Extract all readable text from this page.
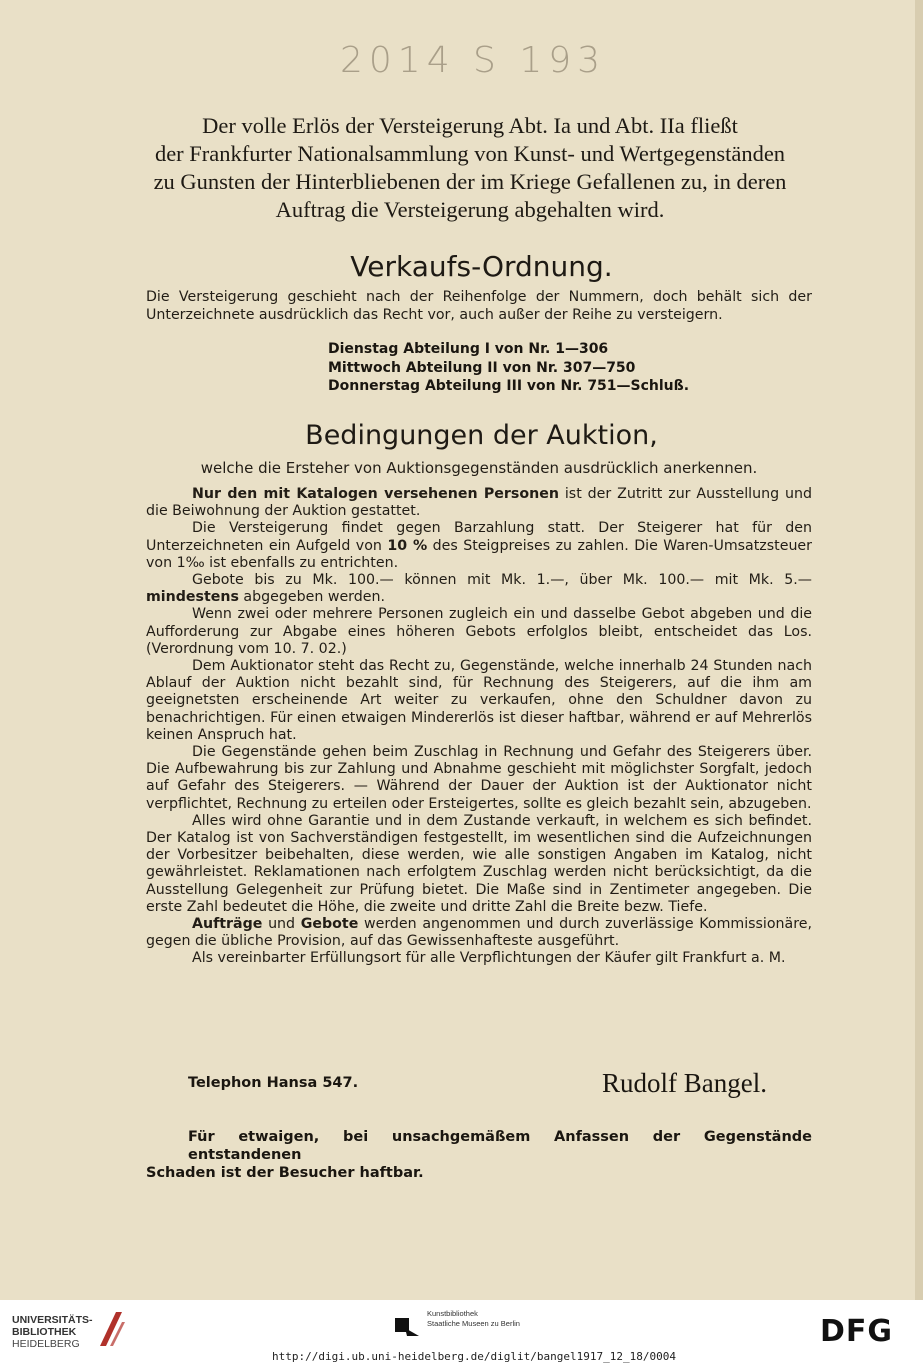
2014 S 193
Der volle Erlös der Versteigerung Abt. Ia und Abt. IIa fließt
der Frankfurter Nationalsammlung von Kunst- und Wertgegenständen
zu Gunsten der Hinterbliebenen der im Kriege Gefallenen zu, in deren
Auftrag die Versteigerung abgehalten wird.
Verkaufs-Ordnung.
Die Versteigerung geschieht nach der Reihenfolge der Nummern, doch behält sich der Unterzeichnete ausdrücklich das Recht vor, auch außer der Reihe zu versteigern.
Dienstag Abteilung I von Nr. 1—306
Mittwoch Abteilung II von Nr. 307—750
Donnerstag Abteilung III von Nr. 751—Schluß.
Bedingungen der Auktion,
welche die Ersteher von Auktionsgegenständen ausdrücklich anerkennen.

Nur den mit Katalogen versehenen Personen ist der Zutritt zur Ausstellung und die Beiwohnung der Auktion gestattet.

Die Versteigerung findet gegen Barzahlung statt. Der Steigerer hat für den Unterzeichneten ein Aufgeld von 10 % des Steigpreises zu zahlen. Die Waren-Umsatzsteuer von 1‰ ist ebenfalls zu entrichten.

Gebote bis zu Mk. 100.— können mit Mk. 1.—, über Mk. 100.— mit Mk. 5.— mindestens abgegeben werden.

Wenn zwei oder mehrere Personen zugleich ein und dasselbe Gebot abgeben und die Aufforderung zur Abgabe eines höheren Gebots erfolglos bleibt, entscheidet das Los. (Verordnung vom 10. 7. 02.)

Dem Auktionator steht das Recht zu, Gegenstände, welche innerhalb 24 Stunden nach Ablauf der Auktion nicht bezahlt sind, für Rechnung des Steigerers, auf die ihm am geeignetsten erscheinende Art weiter zu verkaufen, ohne den Schuldner davon zu benachrichtigen. Für einen etwaigen Mindererlös ist dieser haftbar, während er auf Mehrerlös keinen Anspruch hat.

Die Gegenstände gehen beim Zuschlag in Rechnung und Gefahr des Steigerers über. Die Aufbewahrung bis zur Zahlung und Abnahme geschieht mit möglichster Sorgfalt, jedoch auf Gefahr des Steigerers. — Während der Dauer der Auktion ist der Auktionator nicht verpflichtet, Rechnung zu erteilen oder Ersteigertes, sollte es gleich bezahlt sein, abzugeben.

Alles wird ohne Garantie und in dem Zustande verkauft, in welchem es sich befindet. Der Katalog ist von Sachverständigen festgestellt, im wesentlichen sind die Aufzeichnungen der Vorbesitzer beibehalten, diese werden, wie alle sonstigen Angaben im Katalog, nicht gewährleistet. Reklamationen nach erfolgtem Zuschlag werden nicht berücksichtigt, da die Ausstellung Gelegenheit zur Prüfung bietet. Die Maße sind in Zentimeter angegeben. Die erste Zahl bedeutet die Höhe, die zweite und dritte Zahl die Breite bezw. Tiefe.

Aufträge und Gebote werden angenommen und durch zuverlässige Kommissionäre, gegen die übliche Provision, auf das Gewissenhafteste ausgeführt.

Als vereinbarter Erfüllungsort für alle Verpflichtungen der Käufer gilt Frankfurt a. M.

Telephon Hansa 547.	Rudolf Bangel.
Für etwaigen, bei unsachgemäßem Anfassen der Gegenstände entstandenen
Schaden ist der Besucher haftbar.
UNIVERSITÄTS-
BIBLIOTHEK
HEIDELBERG
Kunstbibliothek
Staatliche Museen zu Berlin	DFG
http://digi.ub.uni-heidelberg.de/diglit/bangel1917_12_18/0004
